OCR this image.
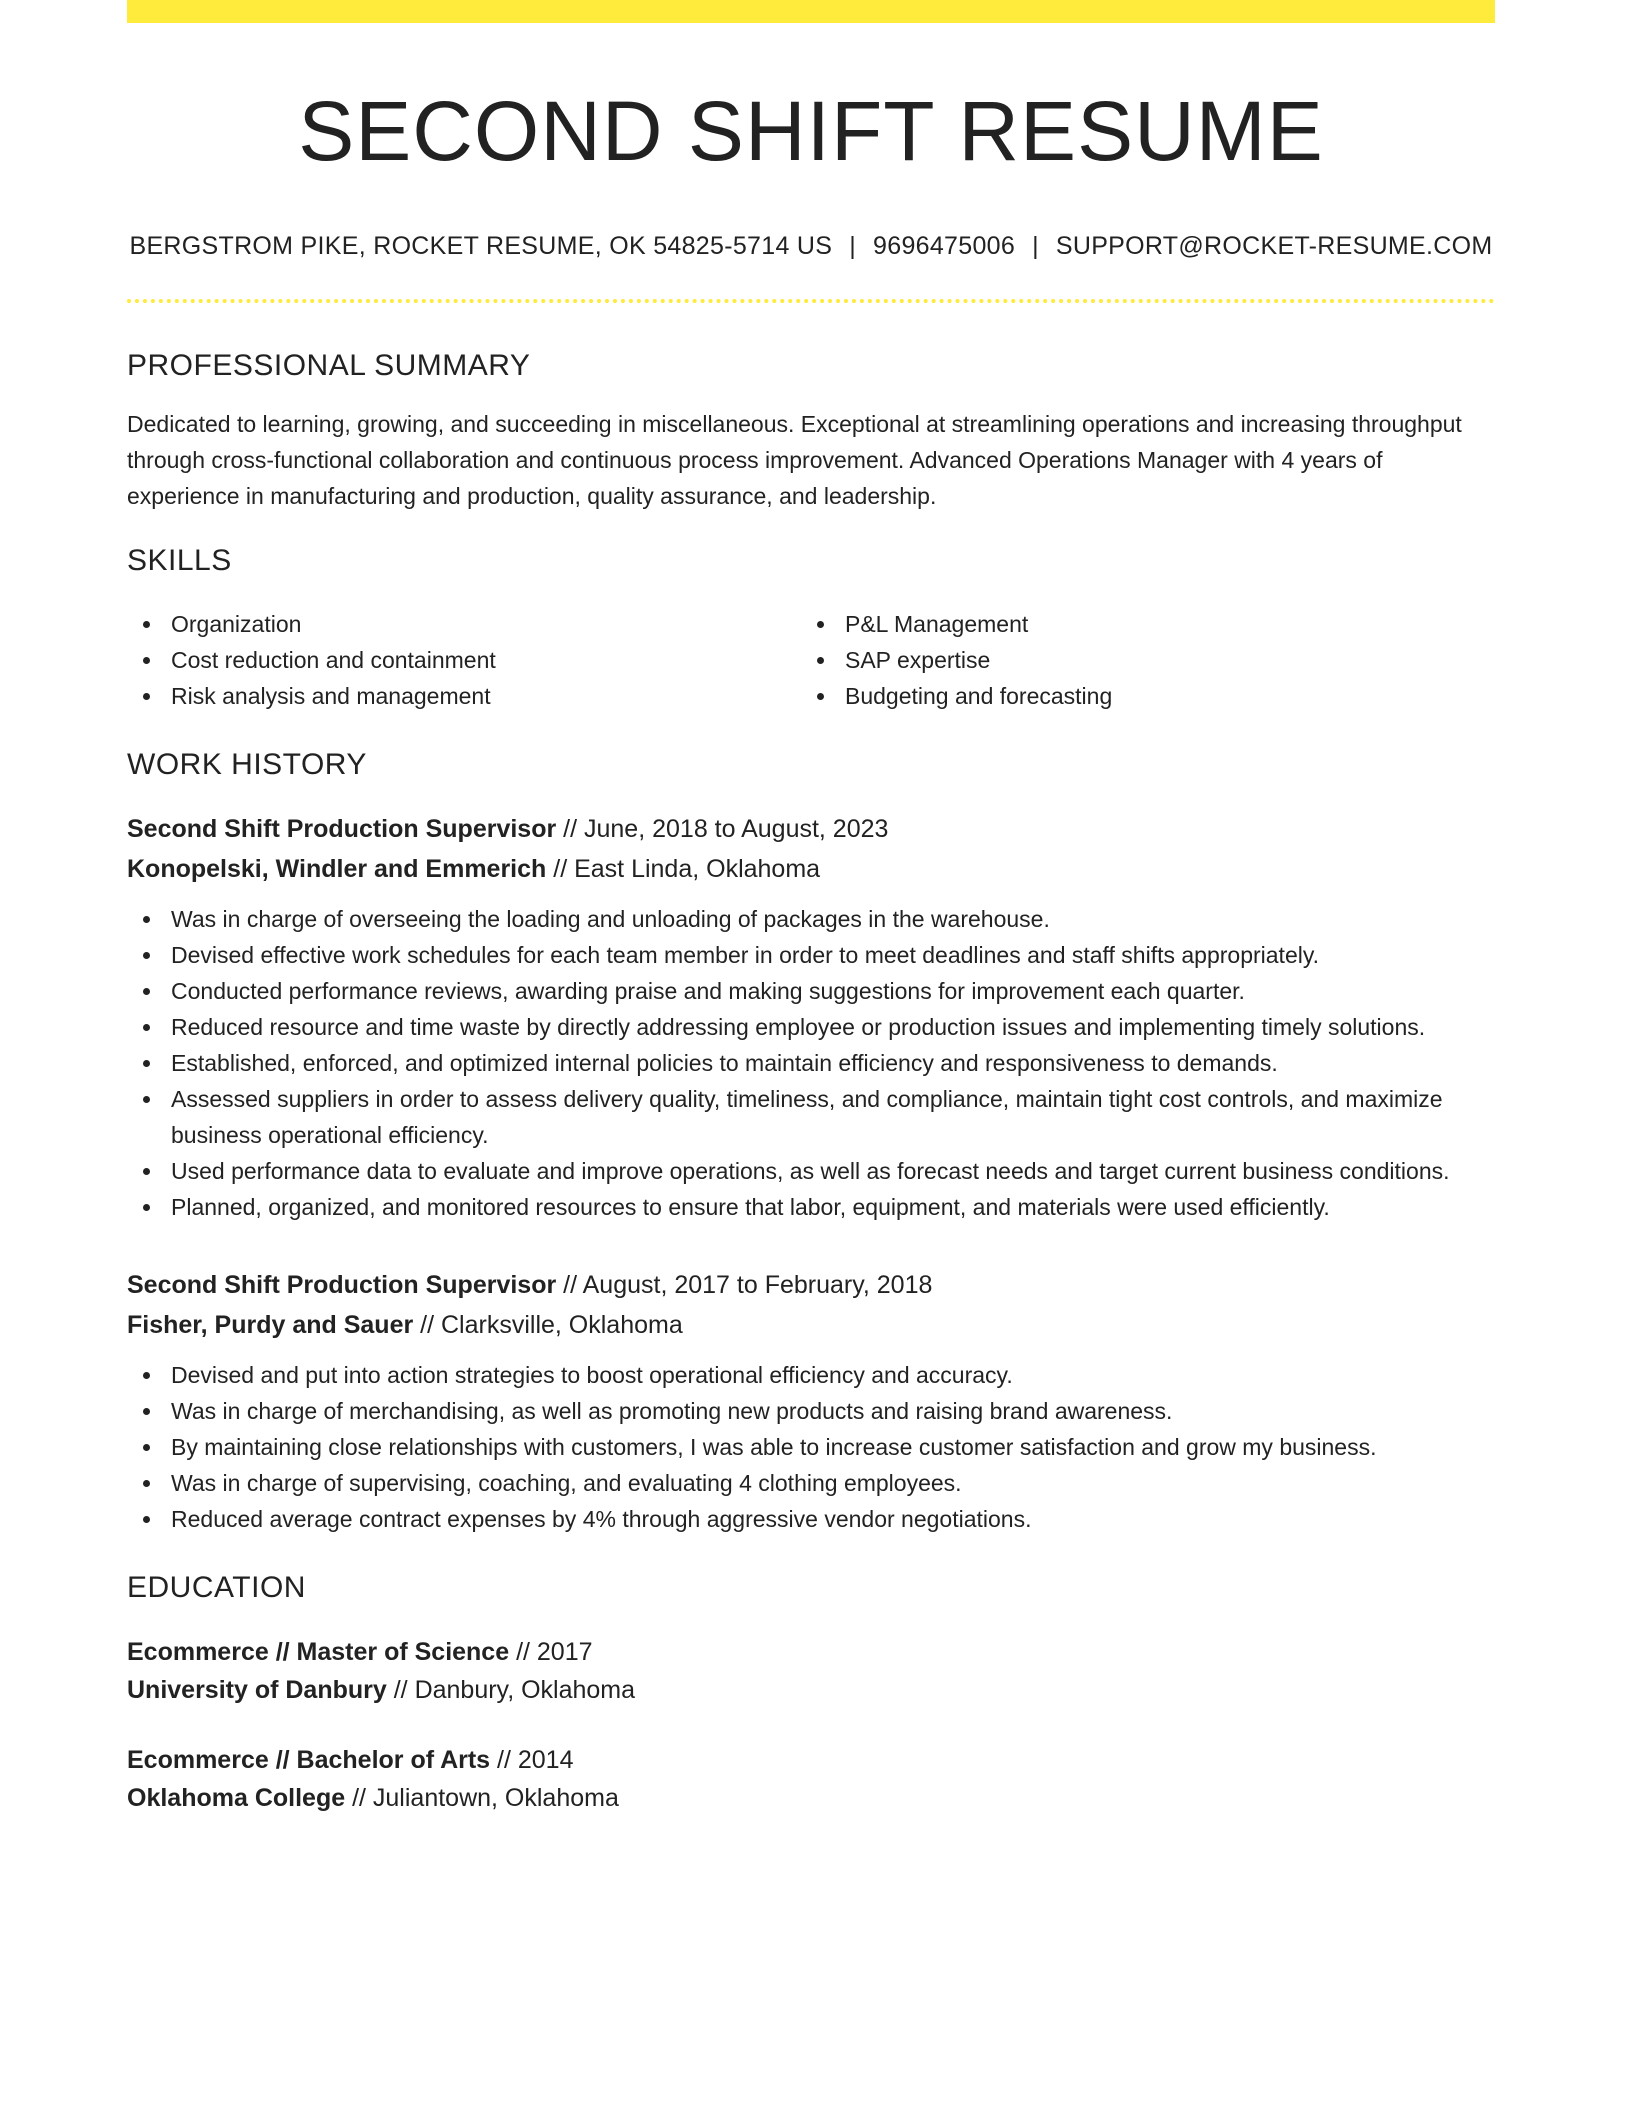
SECOND SHIFT RESUME
BERGSTROM PIKE, ROCKET RESUME, OK 54825-5714 US | 9696475006 | SUPPORT@ROCKET-RESUME.COM
PROFESSIONAL SUMMARY

Dedicated to learning, growing, and succeeding in miscellaneous. Exceptional at streamlining operations and increasing throughput through cross-functional collaboration and continuous process improvement. Advanced Operations Manager with 4 years of experience in manufacturing and production, quality assurance, and leadership.

SKILLS
Organization
Cost reduction and containment
Risk analysis and management
P&L Management
SAP expertise
Budgeting and forecasting
WORK HISTORY
Second Shift Production Supervisor // June, 2018 to August, 2023
Konopelski, Windler and Emmerich // East Linda, Oklahoma
Was in charge of overseeing the loading and unloading of packages in the warehouse.
Devised effective work schedules for each team member in order to meet deadlines and staff shifts appropriately.
Conducted performance reviews, awarding praise and making suggestions for improvement each quarter.
Reduced resource and time waste by directly addressing employee or production issues and implementing timely solutions.
Established, enforced, and optimized internal policies to maintain efficiency and responsiveness to demands.
Assessed suppliers in order to assess delivery quality, timeliness, and compliance, maintain tight cost controls, and maximize business operational efficiency.
Used performance data to evaluate and improve operations, as well as forecast needs and target current business conditions.
Planned, organized, and monitored resources to ensure that labor, equipment, and materials were used efficiently.
Second Shift Production Supervisor // August, 2017 to February, 2018
Fisher, Purdy and Sauer // Clarksville, Oklahoma
Devised and put into action strategies to boost operational efficiency and accuracy.
Was in charge of merchandising, as well as promoting new products and raising brand awareness.
By maintaining close relationships with customers, I was able to increase customer satisfaction and grow my business.
Was in charge of supervising, coaching, and evaluating 4 clothing employees.
Reduced average contract expenses by 4% through aggressive vendor negotiations.
EDUCATION
Ecommerce // Master of Science // 2017
University of Danbury // Danbury, Oklahoma
Ecommerce // Bachelor of Arts // 2014
Oklahoma College // Juliantown, Oklahoma
